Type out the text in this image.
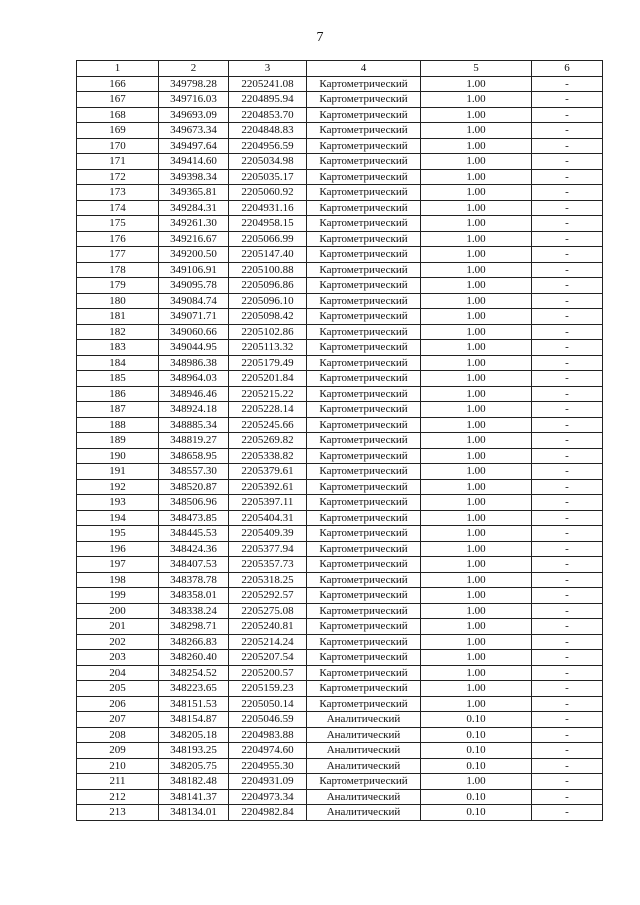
7
1	2	3	4	5	6
166	349798.28	2205241.08	Картометрический	1.00	-
167	349716.03	2204895.94	Картометрический	1.00	-
168	349693.09	2204853.70	Картометрический	1.00	-
169	349673.34	2204848.83	Картометрический	1.00	-
170	349497.64	2204956.59	Картометрический	1.00	-
171	349414.60	2205034.98	Картометрический	1.00	-
172	349398.34	2205035.17	Картометрический	1.00	-
173	349365.81	2205060.92	Картометрический	1.00	-
174	349284.31	2204931.16	Картометрический	1.00	-
175	349261.30	2204958.15	Картометрический	1.00	-
176	349216.67	2205066.99	Картометрический	1.00	-
177	349200.50	2205147.40	Картометрический	1.00	-
178	349106.91	2205100.88	Картометрический	1.00	-
179	349095.78	2205096.86	Картометрический	1.00	-
180	349084.74	2205096.10	Картометрический	1.00	-
181	349071.71	2205098.42	Картометрический	1.00	-
182	349060.66	2205102.86	Картометрический	1.00	-
183	349044.95	2205113.32	Картометрический	1.00	-
184	348986.38	2205179.49	Картометрический	1.00	-
185	348964.03	2205201.84	Картометрический	1.00	-
186	348946.46	2205215.22	Картометрический	1.00	-
187	348924.18	2205228.14	Картометрический	1.00	-
188	348885.34	2205245.66	Картометрический	1.00	-
189	348819.27	2205269.82	Картометрический	1.00	-
190	348658.95	2205338.82	Картометрический	1.00	-
191	348557.30	2205379.61	Картометрический	1.00	-
192	348520.87	2205392.61	Картометрический	1.00	-
193	348506.96	2205397.11	Картометрический	1.00	-
194	348473.85	2205404.31	Картометрический	1.00	-
195	348445.53	2205409.39	Картометрический	1.00	-
196	348424.36	2205377.94	Картометрический	1.00	-
197	348407.53	2205357.73	Картометрический	1.00	-
198	348378.78	2205318.25	Картометрический	1.00	-
199	348358.01	2205292.57	Картометрический	1.00	-
200	348338.24	2205275.08	Картометрический	1.00	-
201	348298.71	2205240.81	Картометрический	1.00	-
202	348266.83	2205214.24	Картометрический	1.00	-
203	348260.40	2205207.54	Картометрический	1.00	-
204	348254.52	2205200.57	Картометрический	1.00	-
205	348223.65	2205159.23	Картометрический	1.00	-
206	348151.53	2205050.14	Картометрический	1.00	-
207	348154.87	2205046.59	Аналитический	0.10	-
208	348205.18	2204983.88	Аналитический	0.10	-
209	348193.25	2204974.60	Аналитический	0.10	-
210	348205.75	2204955.30	Аналитический	0.10	-
211	348182.48	2204931.09	Картометрический	1.00	-
212	348141.37	2204973.34	Аналитический	0.10	-
213	348134.01	2204982.84	Аналитический	0.10	-
